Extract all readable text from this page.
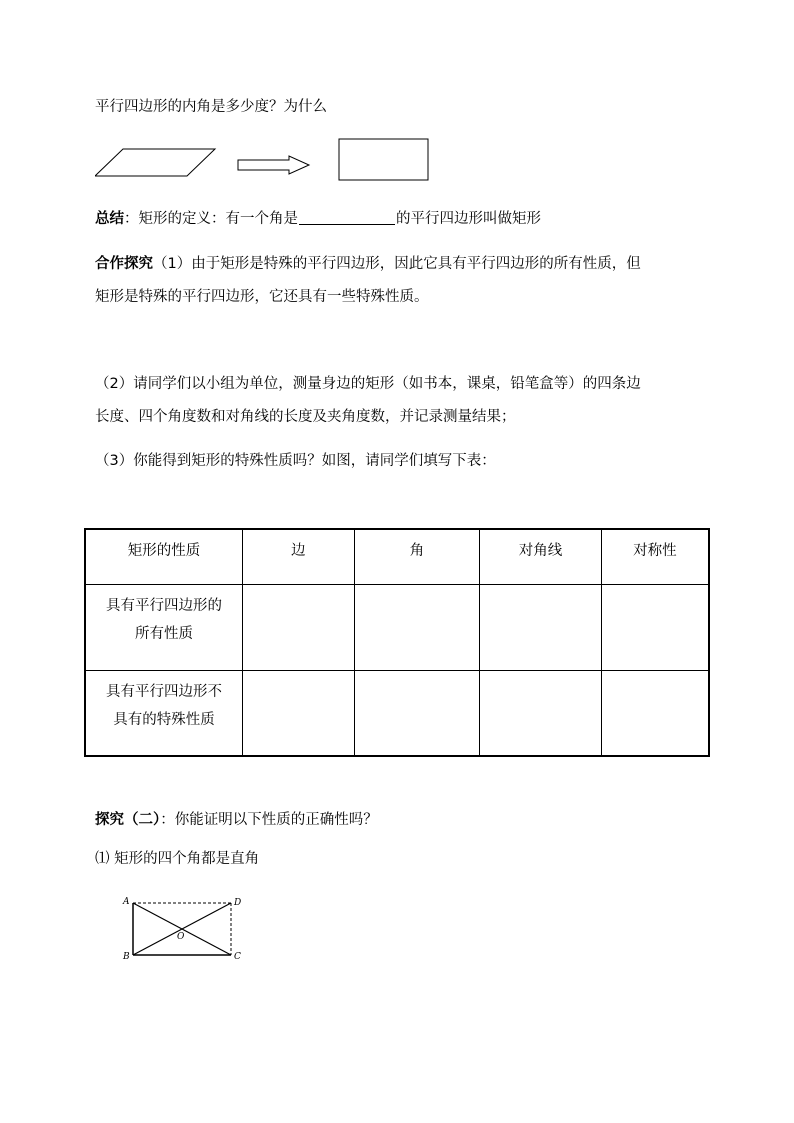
平行四边形的内角是多少度？为什么
总结：矩形的定义：有一个角是	的平行四边形叫做矩形
合作探究（1）由于矩形是特殊的平行四边形，因此它具有平行四边形的所有性质，但
矩形是特殊的平行四边形，它还具有一些特殊性质。
（2）请同学们以小组为单位，测量身边的矩形（如书本，课桌，铅笔盒等）的四条边
长度、四个角度数和对角线的长度及夹角度数，并记录测量结果；
（3）你能得到矩形的特殊性质吗？如图，请同学们填写下表：
矩形的性质	边	角	对角线	对称性

具有平行四边形的
所有性质				

具有平行四边形不
具有的特殊性质				

探究（二）：你能证明以下性质的正确性吗？
⑴ 矩形的四个角都是直角
A
B	C
D
O
